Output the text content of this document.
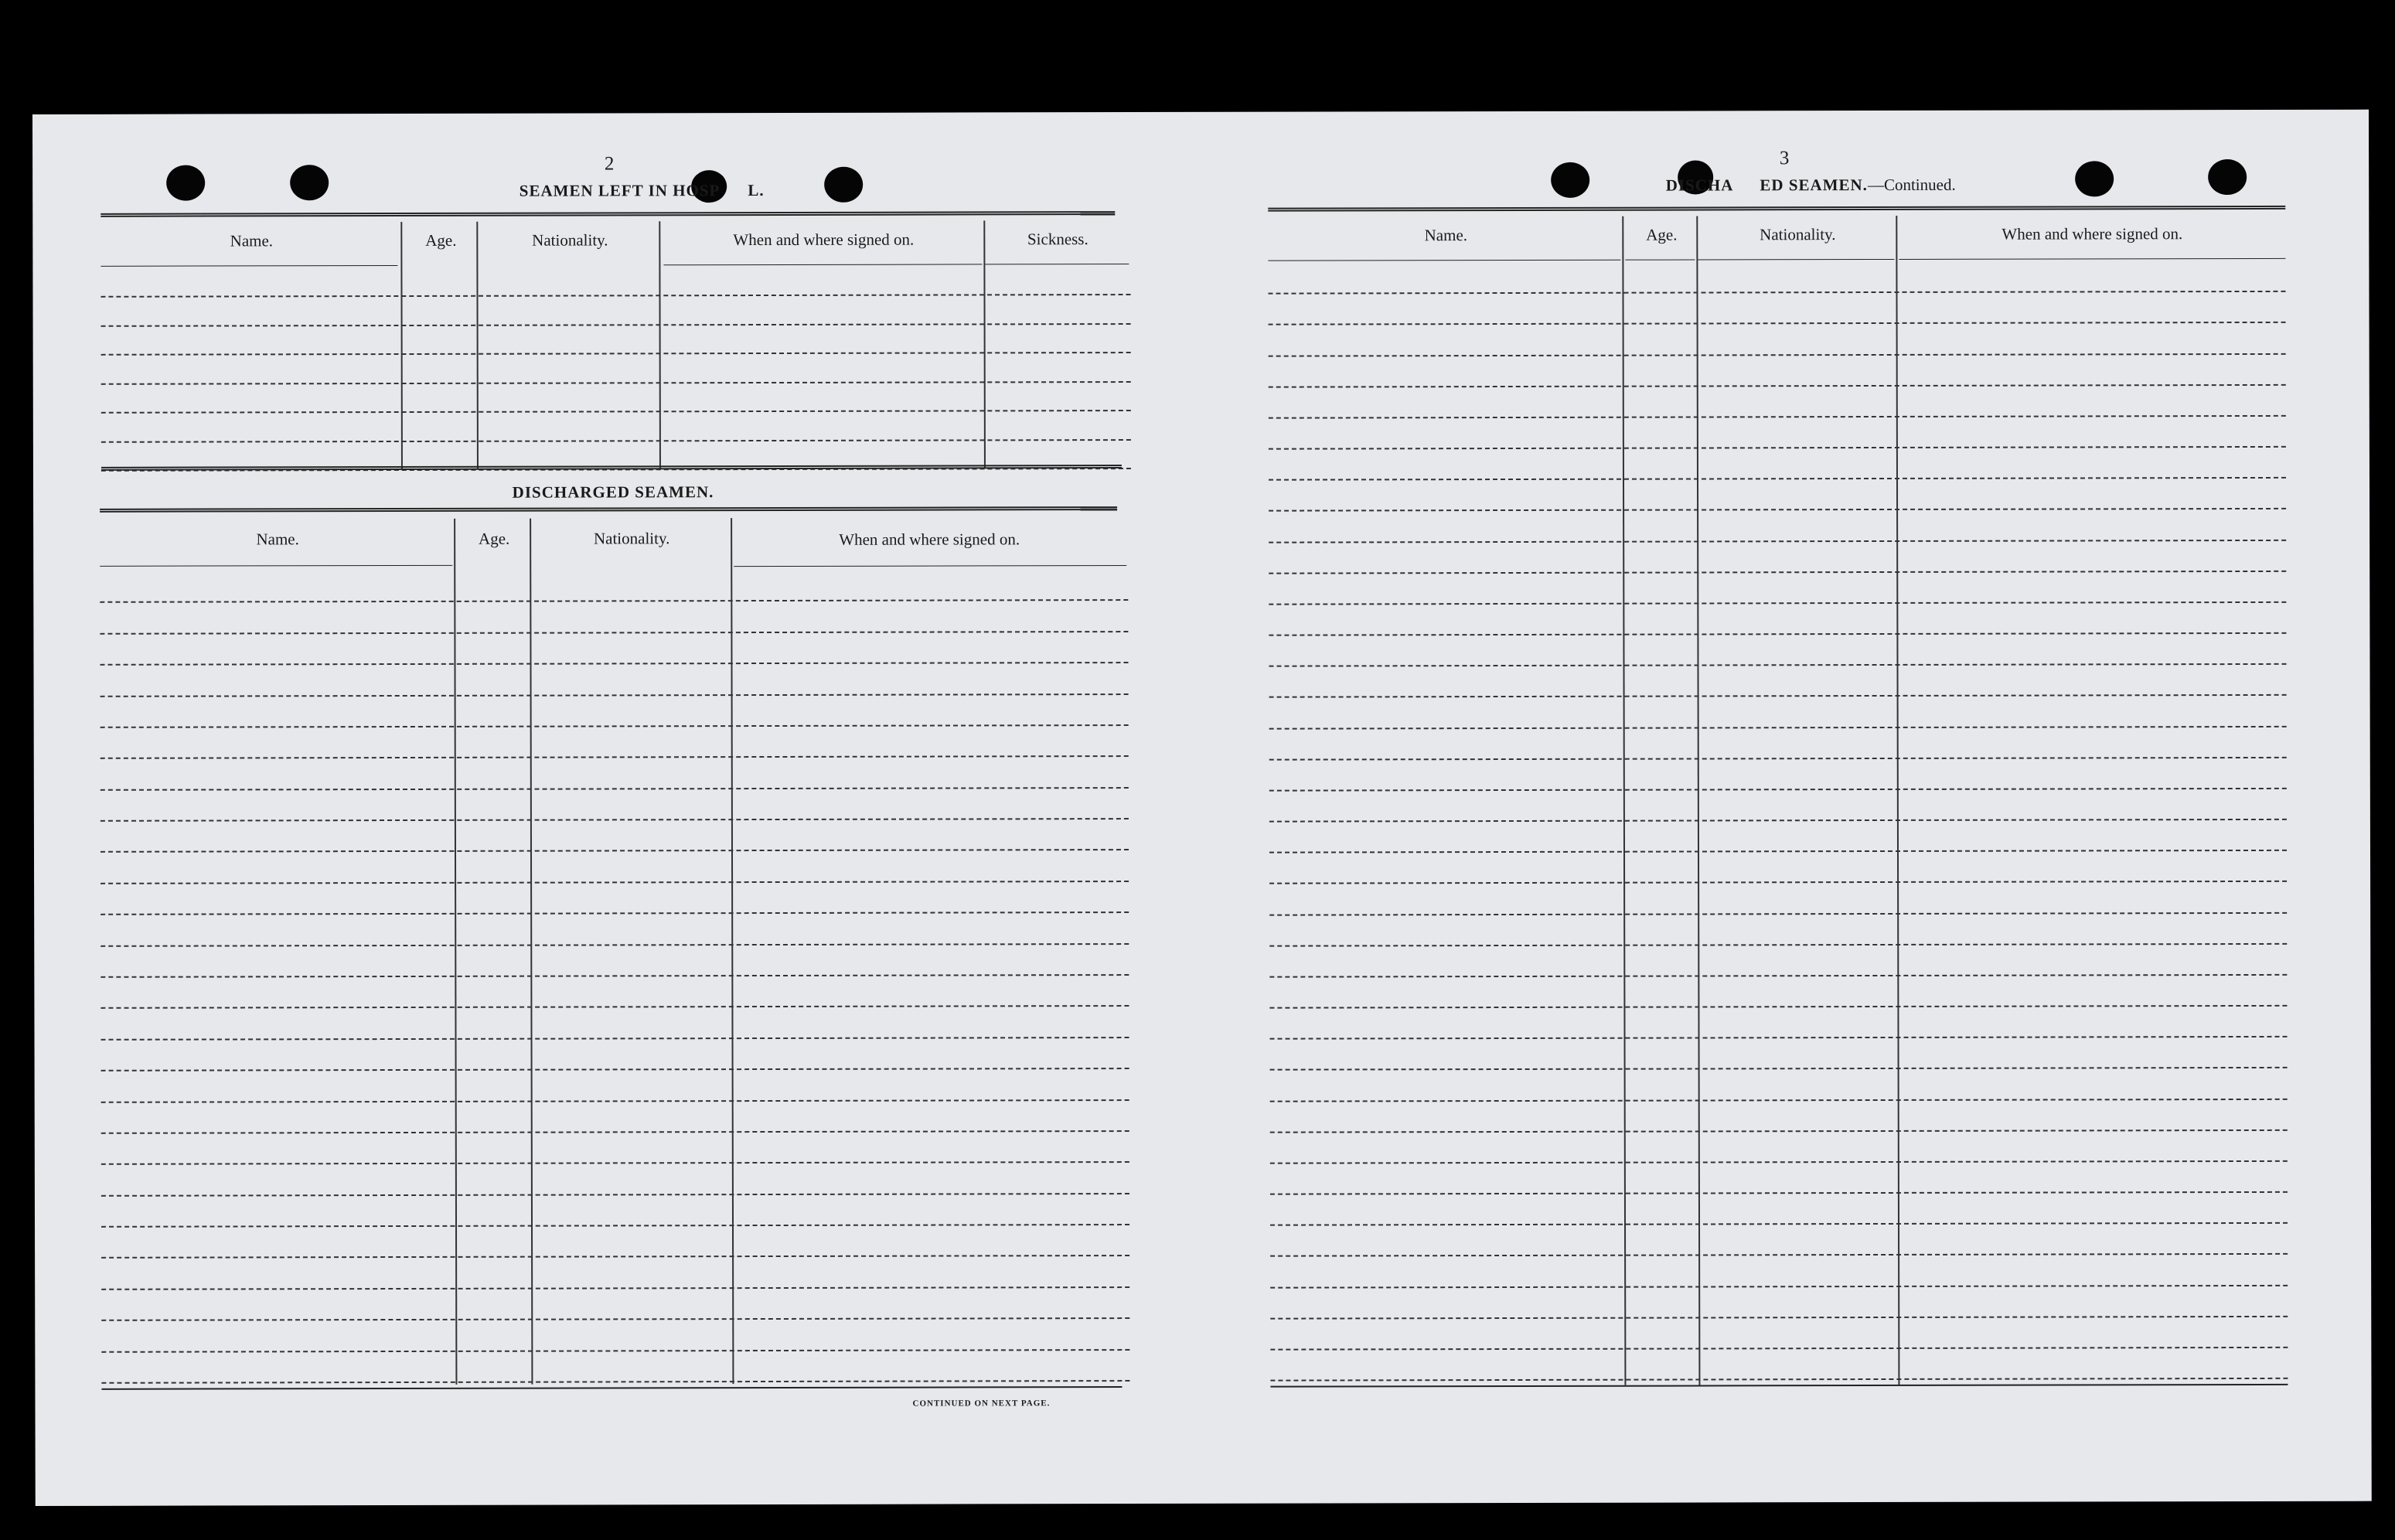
2
SEAMEN LEFT IN HOSP L.
Name.	Age.	Nationality.	When and where signed on.	Sickness.
DISCHARGED SEAMEN.
Name.	Age.	Nationality.	When and where signed on.
CONTINUED ON NEXT PAGE.
3
DISCHA ED SEAMEN.—Continued.
Name.	Age.	Nationality.	When and where signed on.
